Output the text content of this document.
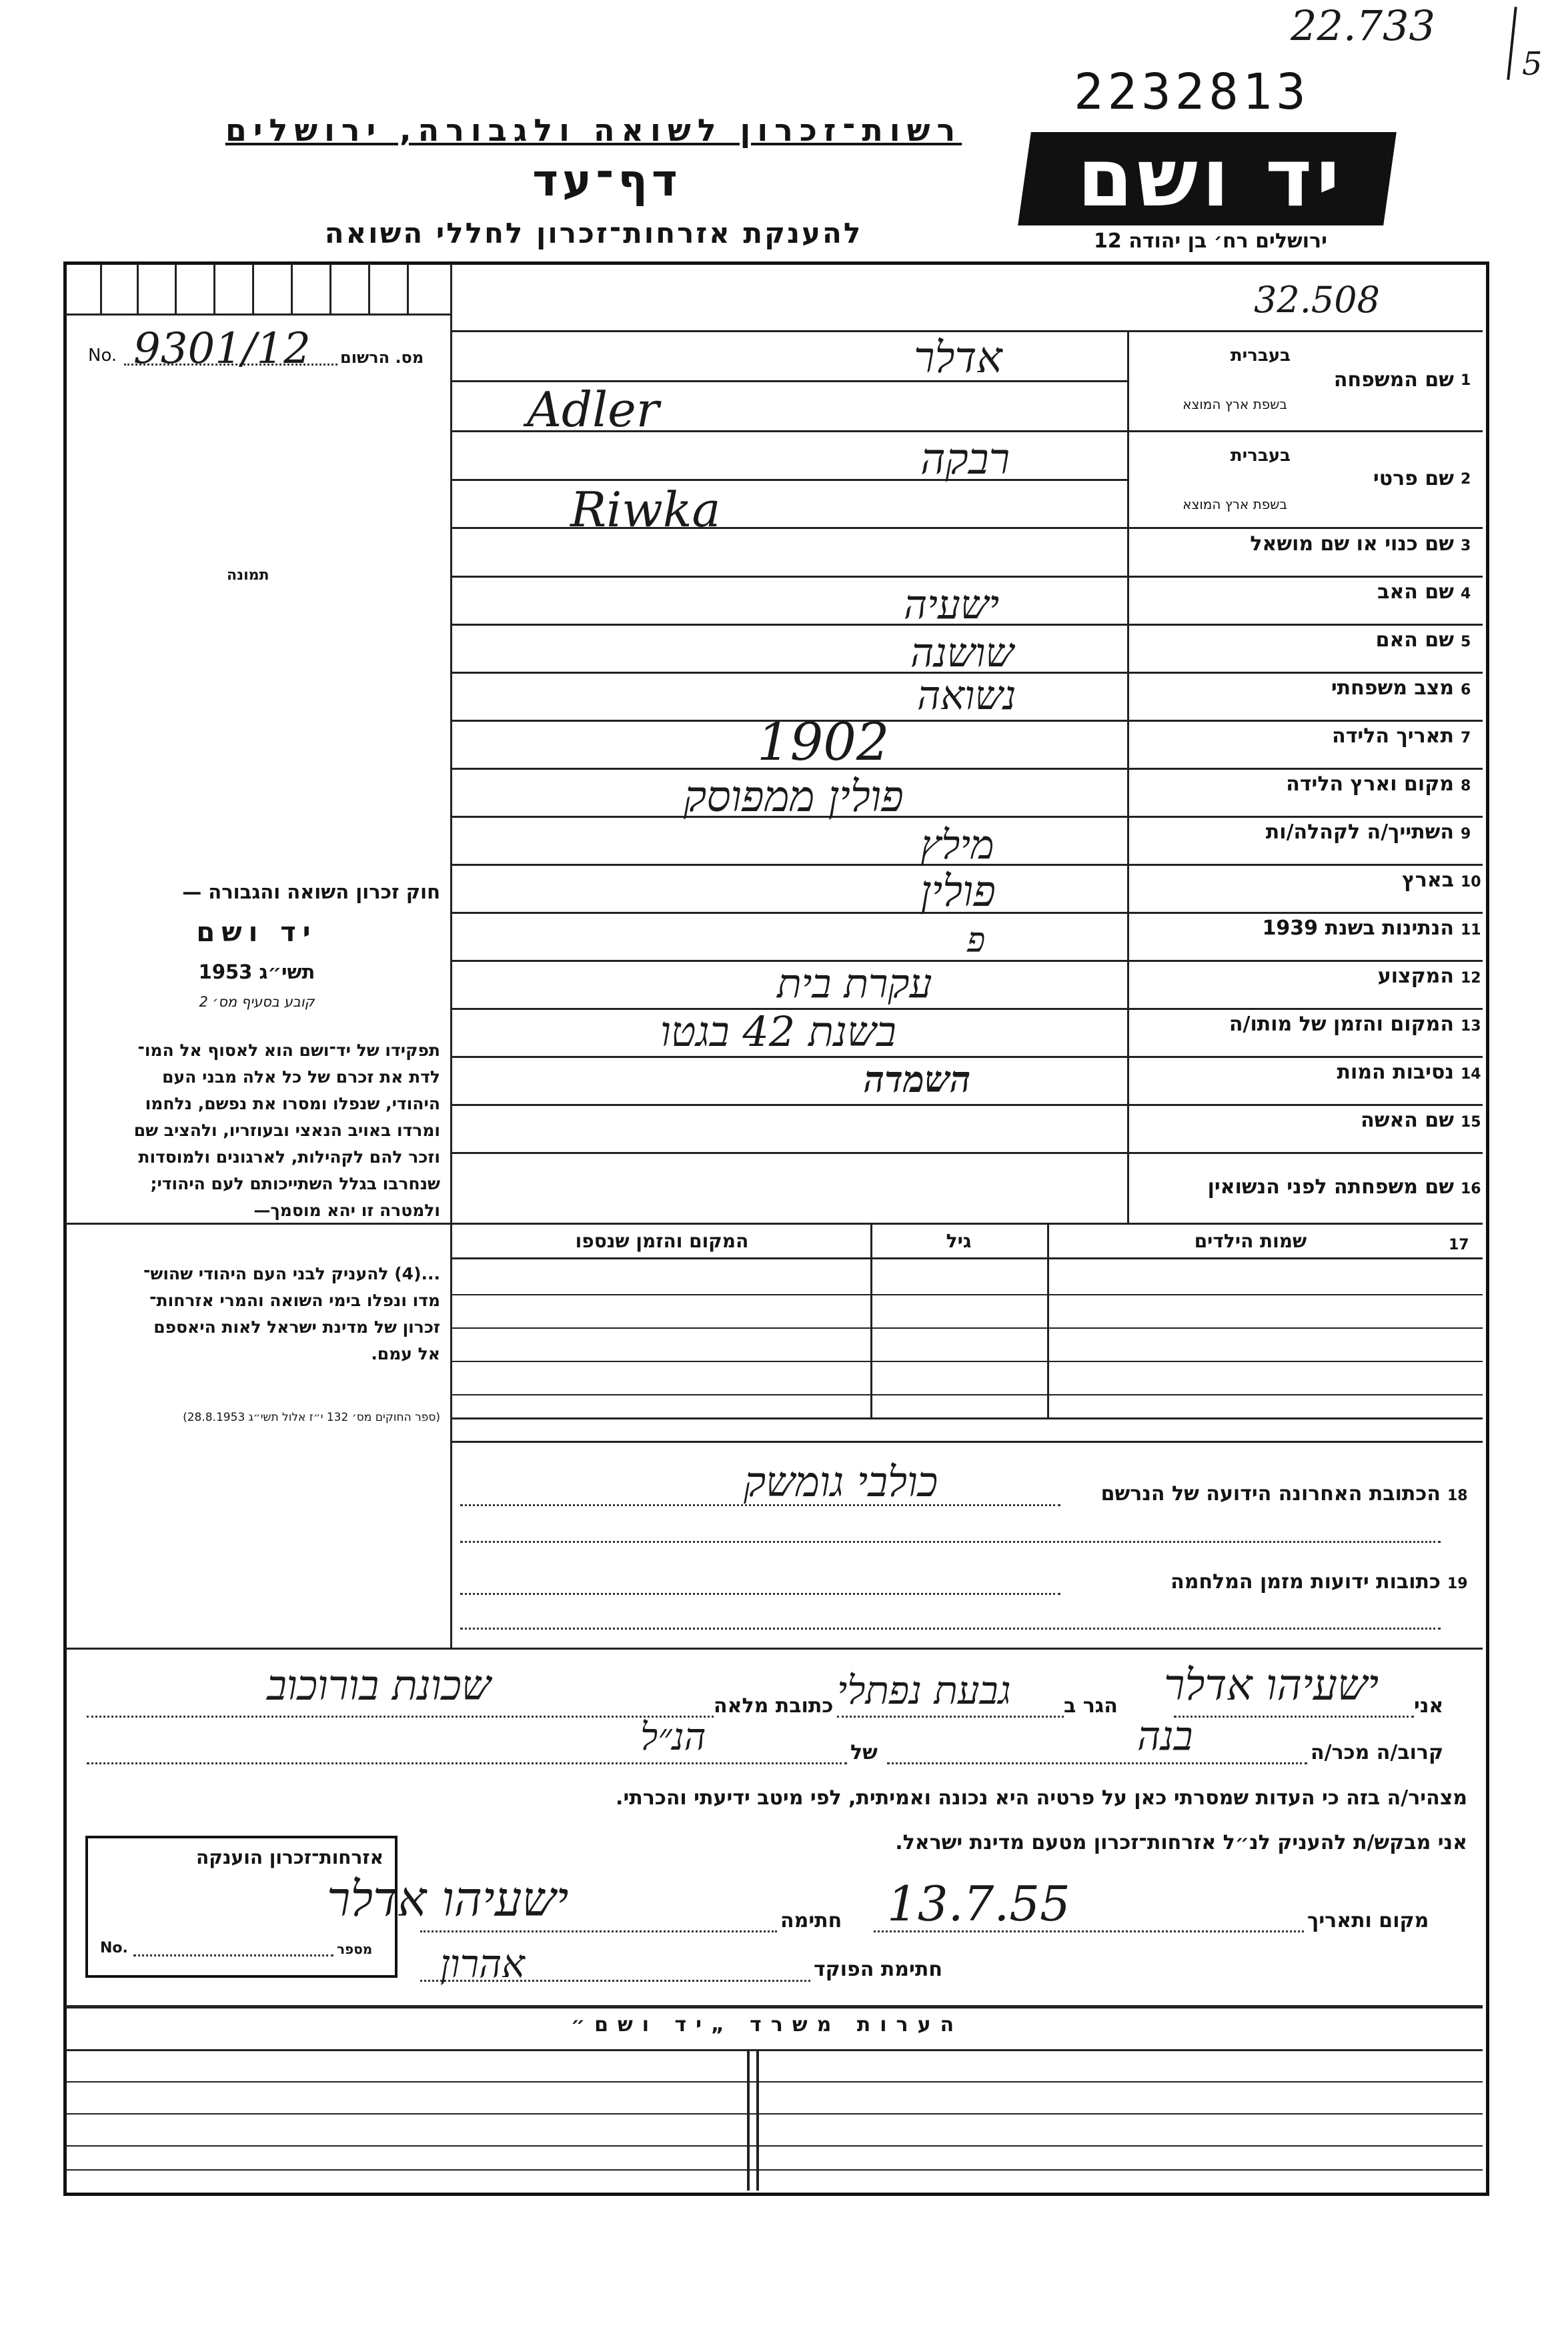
22.733
5
2232813
רשות־זכרון לשואה ולגבורה, ירושלים
דף־עד
להענקת אזרחות־זכרון לחללי השואה
יד ושם
ירושלים רח׳ בן יהודה 12
32.508
No. 9301/12 מס. הרשום
תמונה
1
שם המשפחה
בעברית
בשפת ארץ המוצא
אדלר
Adler
2
שם פרטי
בעברית
בשפת ארץ המוצא
רבקה
Riwka
3
שם כנוי או שם מושאל
4
שם האב
ישעיה
5
שם האם
שושנה
6
מצב משפחתי
נשואה
7
תאריך הלידה
1902
8
מקום וארץ הלידה
פולין ממפוסק
9
השתייך/ה לקהלה/ות
מילץ
10
בארץ
פולין
11
הנתינות בשנת 1939
פ
12
המקצוע
עקרת בית
13
המקום והזמן של מותו/ה
בשנת 42 בגטו
14
נסיבות המות
השמדה
15
שם האשה
16
שם משפחתה לפני הנשואין
17
שמות הילדים
גיל
המקום והזמן שנספו
חוק זכרון השואה והגבורה —
יד ושם
תשי״ג 1953
קובע בסעיף מס׳ 2
תפקידו של יד־ושם הוא לאסוף אל המו־
לדת את זכרם של כל אלה מבני העם
היהודי, שנפלו ומסרו את נפשם, נלחמו
ומרדו באויב הנאצי ובעוזריו, ולהציב שם
וזכר להם לקהילות, לארגונים ולמוסדות
שנחרבו בגלל השתייכותם לעם היהודי;
ולמטרה זו יהא מוסמך—
...(4) להעניק לבני העם היהודי שהוש־
מדו ונפלו בימי השואה והמרי אזרחות־
זכרון של מדינת ישראל לאות היאספם
אל עמם.
(ספר החוקים מס׳ 132 י״ז אלול תשי״ג 28.8.1953)
18
הכתובת האחרונה הידועה של הנרשם
כולבי גומשק
19
כתובות ידועות מזמן המלחמה
אני
ישעיהו אדלר
הגר ב
גבעת נפתלי
כתובת מלאה
שכונת בורוכוב
קרוב/ה מכר/ה
בנה
של
הנ״ל
מצהיר/ה בזה כי העדות שמסרתי כאן על פרטיה היא נכונה ואמיתית, לפי מיטב ידיעתי והכרתי.
אני מבקש/ת להעניק לנ״ל אזרחות־זכרון מטעם מדינת ישראל.
מקום ותאריך
13.7.55
חתימה
ישעיהו אדלר
חתימת הפוקד
אהרון
אזרחות־זכרון הוענקה
No.	מספר
הערות משרד „יד ושם״
